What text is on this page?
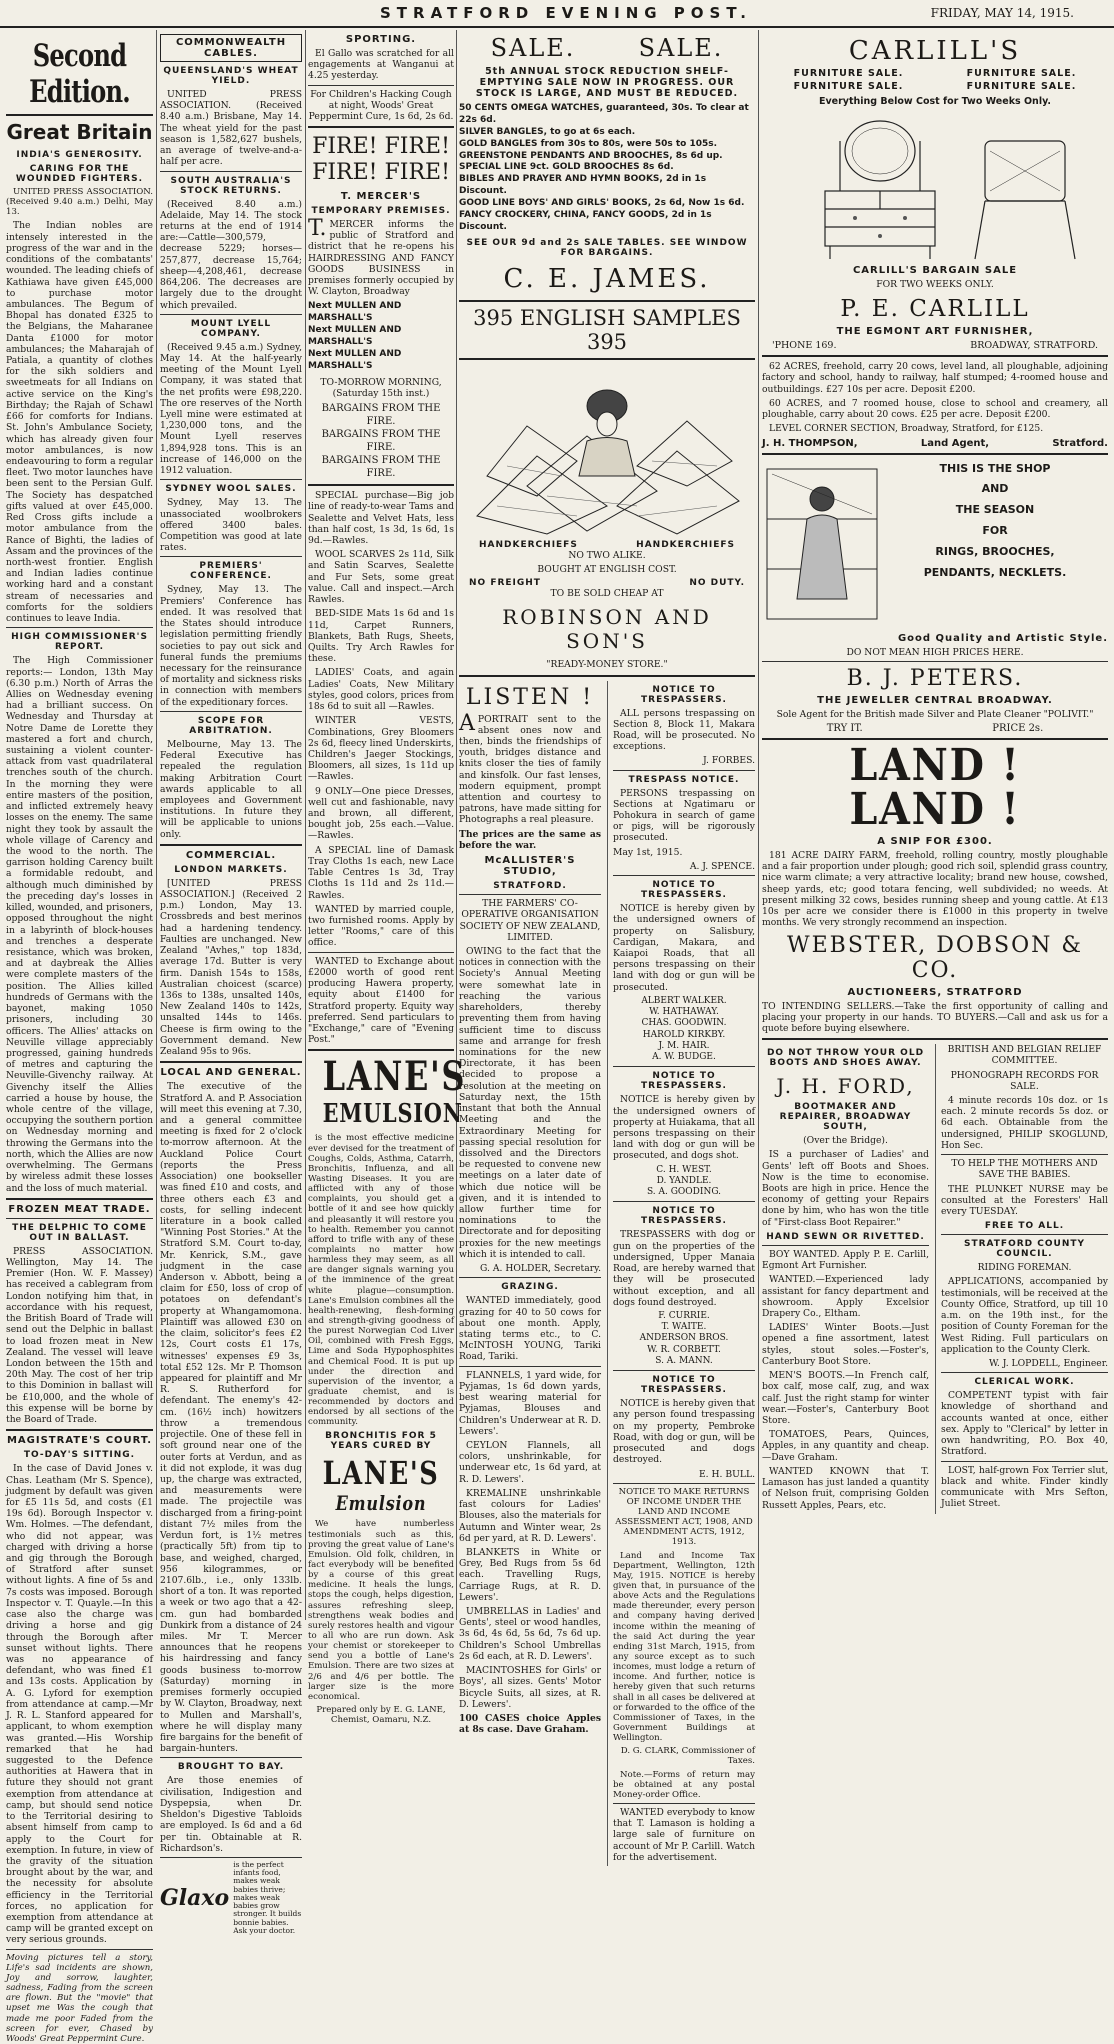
STRATFORD EVENING POST.	FRIDAY, MAY 14, 1915.
Second Edition.
Great Britain
INDIA'S GENEROSITY.
CARING FOR THE WOUNDED FIGHTERS.

UNITED PRESS ASSOCIATION. (Received 9.40 a.m.) Delhi, May 13.

The Indian nobles are intensely interested in the progress of the war and in the conditions of the combatants' wounded. The leading chiefs of Kathiawa have given £45,000 to purchase motor ambulances. The Begum of Bhopal has donated £325 to the Belgians, the Maharanee Danta £1000 for motor ambulances; the Maharajah of Patiala, a quantity of clothes for the sikh soldiers and sweetmeats for all Indians on active service on the King's Birthday; the Rajah of Schawl £66 for comforts for Indians. St. John's Ambulance Society, which has already given four motor ambulances, is now endeavouring to form a regular fleet. Two motor launches have been sent to the Persian Gulf. The Society has despatched gifts valued at over £45,000. Red Cross gifts include a motor ambulance from the Rance of Bighti, the ladies of Assam and the provinces of the north-west frontier. English and Indian ladies continue working hard and a constant stream of necessaries and comforts for the soldiers continues to leave India.

HIGH COMMISSIONER'S REPORT.

The High Commissioner reports:— London, 13th May (6.30 p.m.) North of Arras the Allies on Wednesday evening had a brilliant success. On Wednesday and Thursday at Notre Dame de Lorette they mastered a fort and church, sustaining a violent counter-attack from vast quadrilateral trenches south of the church. In the morning they were entire masters of the position, and inflicted extremely heavy losses on the enemy. The same night they took by assault the whole village of Carency and the wood to the north. The garrison holding Carency built a formidable redoubt, and although much diminished by the preceding day's losses in killed, wounded, and prisoners, opposed throughout the night in a labyrinth of block-houses and trenches a desperate resistance, which was broken, and at daybreak the Allies were complete masters of the position. The Allies killed hundreds of Germans with the bayonet, making 1050 prisoners, including 30 officers. The Allies' attacks on Neuville village appreciably progressed, gaining hundreds of metres and capturing the Neuville-Givenchy railway. At Givenchy itself the Allies carried a house by house, the whole centre of the village, occupying the southern portion on Wednesday morning and throwing the Germans into the north, which the Allies are now overwhelming. The Germans by wireless admit these losses and the loss of much material.

FROZEN MEAT TRADE.
THE DELPHIC TO COME OUT IN BALLAST.

PRESS ASSOCIATION. Wellington, May 14. The Premier (Hon. W. F. Massey) has received a cablegram from London notifying him that, in accordance with his request, the British Board of Trade will send out the Delphic in ballast to load frozen meat in New Zealand. The vessel will leave London between the 15th and 20th May. The cost of her trip to this Dominion in ballast will be £10,000, and the whole of this expense will be borne by the Board of Trade.

MAGISTRATE'S COURT.
TO-DAY'S SITTING.

In the case of David Jones v. Chas. Leatham (Mr S. Spence), judgment by default was given for £5 11s 5d, and costs (£1 19s 6d). Borough Inspector v. Wm. Holmes. —The defendant, who did not appear, was charged with driving a horse and gig through the Borough of Stratford after sunset without lights. A fine of 5s and 7s costs was imposed. Borough Inspector v. T. Quayle.—In this case also the charge was driving a horse and gig through the Borough after sunset without lights. There was no appearance of defendant, who was fined £1 and 13s costs. Application by A. G. Lyford for exemption from attendance at camp.—Mr J. R. L. Stanford appeared for applicant, to whom exemption was granted.—His Worship remarked that he had suggested to the Defence authorities at Hawera that in future they should not grant exemption from attendance at camp, but should send notice to the Territorial desiring to absent himself from camp to apply to the Court for exemption. In future, in view of the gravity of the situation brought about by the war, and the necessity for absolute efficiency in the Territorial forces, no application for exemption from attendance at camp will be granted except on very serious grounds.

Moving pictures tell a story, Life's sad incidents are shown, Joy and sorrow, laughter, sadness, Fading from the screen are flown. But the "movie" that upset me Was the cough that made me poor Faded from the screen for ever, Chased by Woods' Great Peppermint Cure.

COMMONWEALTH CABLES.
QUEENSLAND'S WHEAT YIELD.

UNITED PRESS ASSOCIATION. (Received 8.40 a.m.) Brisbane, May 14. The wheat yield for the past season is 1,582,627 bushels, an average of twelve-and-a-half per acre.

SOUTH AUSTRALIA'S STOCK RETURNS.

(Received 8.40 a.m.) Adelaide, May 14. The stock returns at the end of 1914 are:—Cattle—300,579, decrease 5229; horses—257,877, decrease 15,764; sheep—4,208,461, decrease 864,206. The decreases are largely due to the drought which prevailed.

MOUNT LYELL COMPANY.

(Received 9.45 a.m.) Sydney, May 14. At the half-yearly meeting of the Mount Lyell Company, it was stated that the net profits were £98,220. The ore reserves of the North Lyell mine were estimated at 1,230,000 tons, and the Mount Lyell reserves 1,894,928 tons. This is an increase of 146,000 on the 1912 valuation.

SYDNEY WOOL SALES.

Sydney, May 13. The unassociated woolbrokers offered 3400 bales. Competition was good at late rates.

PREMIERS' CONFERENCE.

Sydney, May 13. The Premiers' Conference has ended. It was resolved that the States should introduce legislation permitting friendly societies to pay out sick and funeral funds the premiums necessary for the reinsurance of mortality and sickness risks in connection with members of the expeditionary forces.

SCOPE FOR ARBITRATION.

Melbourne, May 13. The Federal Executive has repealed the regulation making Arbitration Court awards applicable to all employees and Government institutions. In future they will be applicable to unions only.

COMMERCIAL.
LONDON MARKETS.

[UNITED PRESS ASSOCIATION.] (Received 2 p.m.) London, May 13. Crossbreds and best merinos had a hardening tendency. Faulties are unchanged. New Zealand "Avhes," top 183d, average 17d. Butter is very firm. Danish 154s to 158s, Australian choicest (scarce) 136s to 138s, unsalted 140s, New Zealand 140s to 142s, unsalted 144s to 146s. Cheese is firm owing to the Government demand. New Zealand 95s to 96s.

LOCAL AND GENERAL.

The executive of the Stratford A. and P. Association will meet this evening at 7.30, and a general committee meeting is fixed for 2 o'clock to-morrow afternoon. At the Auckland Police Court (reports the Press Association) one bookseller was fined £10 and costs, and three others each £3 and costs, for selling indecent literature in a book called "Winning Post Stories." At the Stratford S.M. Court to-day, Mr. Kenrick, S.M., gave judgment in the case Anderson v. Abbott, being a claim for £50, loss of crop of potatoes on defendant's property at Whangamomona. Plaintiff was allowed £30 on the claim, solicitor's fees £2 12s, Court costs £1 17s, witnesses' expenses £9 3s, total £52 12s. Mr P. Thomson appeared for plaintiff and Mr R. S. Rutherford for defendant. The enemy's 42-cm. (16½ inch) howitzers throw a tremendous projectile. One of these fell in soft ground near one of the outer forts at Verdun, and as it did not explode, it was dug up, the charge was extracted, and measurements were made. The projectile was discharged from a firing-point distant 7½ miles from the Verdun fort, is 1½ metres (practically 5ft) from tip to base, and weighed, charged, 956 kilogrammes, or 2107.6lb., i.e., only 133lb. short of a ton. It was reported a week or two ago that a 42-cm. gun had bombarded Dunkirk from a distance of 24 miles. Mr T. Mercer announces that he reopens his hairdressing and fancy goods business to-morrow (Saturday) morning in premises formerly occupied by W. Clayton, Broadway, next to Mullen and Marshall's, where he will display many fire bargains for the benefit of bargain-hunters.

BROUGHT TO BAY.

Are those enemies of civilisation, Indigestion and Dyspepsia, when Dr. Sheldon's Digestive Tabloids are employed. Is 6d and a 6d per tin. Obtainable at R. Richardson's.

Glaxo
is the perfect infants food, makes weak babies thrive; makes weak babies grow stronger. It builds bonnie babies. Ask your doctor.
SPORTING.

El Gallo was scratched for all engagements at Wanganui at 4.25 yesterday.

For Children's Hacking Cough at night, Woods' Great Peppermint Cure, 1s 6d, 2s 6d.

FIRE! FIRE! FIRE! FIRE!
T. MERCER'S
TEMPORARY PREMISES.

T. MERCER informs the public of Stratford and district that he re-opens his HAIRDRESSING AND FANCY GOODS BUSINESS in premises formerly occupied by W. Clayton, Broadway

Next MULLEN AND MARSHALL'S
Next MULLEN AND MARSHALL'S
Next MULLEN AND MARSHALL'S

TO-MORROW MORNING, (Saturday 15th inst.)

BARGAINS FROM THE FIRE.
BARGAINS FROM THE FIRE.
BARGAINS FROM THE FIRE.

SPECIAL purchase—Big job line of ready-to-wear Tams and Sealette and Velvet Hats, less than half cost, 1s 3d, 1s 6d, 1s 9d.—Rawles.

WOOL SCARVES 2s 11d, Silk and Satin Scarves, Sealette and Fur Sets, some great value. Call and inspect.—Arch Rawles.

BED-SIDE Mats 1s 6d and 1s 11d, Carpet Runners, Blankets, Bath Rugs, Sheets, Quilts. Try Arch Rawles for these.

LADIES' Coats, and again Ladies' Coats, New Military styles, good colors, prices from 18s 6d to suit all —Rawles.

WINTER VESTS, Combinations, Grey Bloomers 2s 6d, fleecy lined Underskirts, Children's Jaeger Stockings, Bloomers, all sizes, 1s 11d up —Rawles.

9 ONLY—One piece Dresses, well cut and fashionable, navy and brown, all different, bought job, 25s each.—Value.—Rawles.

A SPECIAL line of Damask Tray Cloths 1s each, new Lace Table Centres 1s 3d, Tray Cloths 1s 11d and 2s 11d.—Rawles.

WANTED by married couple, two furnished rooms. Apply by letter "Rooms," care of this office.

WANTED to Exchange about £2000 worth of good rent producing Hawera property, equity about £1400 for Stratford property. Equity way preferred. Send particulars to "Exchange," care of "Evening Post."

LANE'S
EMULSION

is the most effective medicine ever devised for the treatment of Coughs, Colds, Asthma, Catarrh, Bronchitis, Influenza, and all Wasting Diseases. It you are afflicted with any of those complaints, you should get a bottle of it and see how quickly and pleasantly it will restore you to health. Remember you cannot afford to trifle with any of these complaints no matter how harmless they may seem, as all are danger signals warning you of the imminence of the great white plague—consumption. Lane's Emulsion combines all the health-renewing, flesh-forming and strength-giving goodness of the purest Norwegian Cod Liver Oil, combined with Fresh Eggs, Lime and Soda Hypophosphites and Chemical Food. It is put up under the direction and supervision of the inventor, a graduate chemist, and is recommended by doctors and endorsed by all sections of the community.

BRONCHITIS FOR 5 YEARS CURED BY
LANE'S
Emulsion

We have numberless testimonials such as this, proving the great value of Lane's Emulsion. Old folk, children, in fact everybody will be benefited by a course of this great medicine. It heals the lungs, stops the cough, helps digestion, assures refreshing sleep, strengthens weak bodies and surely restores health and vigour to all who are run down. Ask your chemist or storekeeper to send you a bottle of Lane's Emulsion. There are two sizes at 2/6 and 4/6 per bottle. The larger size is the more economical.

Prepared only by E. G. LANE, Chemist, Oamaru, N.Z.

SALE.	SALE.
5th ANNUAL STOCK REDUCTION SHELF-EMPTYING SALE NOW IN PROGRESS. OUR STOCK IS LARGE, AND MUST BE REDUCED.
50 CENTS OMEGA WATCHES, guaranteed, 30s. To clear at 22s 6d.
SILVER BANGLES, to go at 6s each.
GOLD BANGLES from 30s to 80s, were 50s to 105s.
GREENSTONE PENDANTS AND BROOCHES, 8s 6d up.
SPECIAL LINE 9ct. GOLD BROOCHES 8s 6d.
BIBLES AND PRAYER AND HYMN BOOKS, 2d in 1s Discount.
GOOD LINE BOYS' AND GIRLS' BOOKS, 2s 6d, Now 1s 6d.
FANCY CROCKERY, CHINA, FANCY GOODS, 2d in 1s Discount.
SEE OUR 9d and 2s SALE TABLES. SEE WINDOW FOR BARGAINS.
C. E. JAMES.
395 ENGLISH SAMPLES 395
HANDKERCHIEFS	HANDKERCHIEFS

NO TWO ALIKE.

BOUGHT AT ENGLISH COST.

NO FREIGHT	NO DUTY.

TO BE SOLD CHEAP AT

ROBINSON AND SON'S

"READY-MONEY STORE."

LISTEN !

APORTRAIT sent to the absent ones now and then, binds the friendships of youth, bridges distance and knits closer the ties of family and kinsfolk. Our fast lenses, modern equipment, prompt attention and courtesy to patrons, have made sitting for Photographs a real pleasure.

The prices are the same as before the war.

McALLISTER'S STUDIO,
STRATFORD.

THE FARMERS' CO-OPERATIVE ORGANISATION SOCIETY OF NEW ZEALAND, LIMITED.

OWING to the fact that the notices in connection with the Society's Annual Meeting were somewhat late in reaching the various shareholders, thereby preventing them from having sufficient time to discuss same and arrange for fresh nominations for the new Directorate, it has been decided to propose a resolution at the meeting on Saturday next, the 15th instant that both the Annual Meeting and the Extraordinary Meeting for passing special resolution for dissolved and the Directors be requested to convene new meetings on a later date of which due notice will be given, and it is intended to allow further time for nominations to the Directorate and for depositing proxies for the new meetings which it is intended to call.

G. A. HOLDER, Secretary.

GRAZING.

WANTED immediately, good grazing for 40 to 50 cows for about one month. Apply, stating terms etc., to C. McINTOSH YOUNG, Tariki Road, Tariki.

FLANNELS, 1 yard wide, for Pyjamas, 1s 6d down yards, best wearing material for Pyjamas, Blouses and Children's Underwear at R. D. Lewers'.

CEYLON Flannels, all colors, unshrinkable, for underwear etc, 1s 6d yard, at R. D. Lewers'.

KREMALINE unshrinkable fast colours for Ladies' Blouses, also the materials for Autumn and Winter wear, 2s 6d per yard, at R. D. Lewers'.

BLANKETS in White or Grey, Bed Rugs from 5s 6d each. Travelling Rugs, Carriage Rugs, at R. D. Lewers'.

UMBRELLAS in Ladies' and Gents', steel or wood handles, 3s 6d, 4s 6d, 5s 6d, 7s 6d up. Children's School Umbrellas 2s 6d each, at R. D. Lewers'.

MACINTOSHES for Girls' or Boys', all sizes. Gents' Motor Bicycle Suits, all sizes, at R. D. Lewers'.

100 CASES choice Apples at 8s case. Dave Graham.

NOTICE TO TRESPASSERS.

ALL persons trespassing on Section 8, Block 11, Makara Road, will be prosecuted. No exceptions.

J. FORBES.

TRESPASS NOTICE.

PERSONS trespassing on Sections at Ngatimaru or Pohokura in search of game or pigs, will be rigorously prosecuted.

May 1st, 1915.

A. J. SPENCE.

NOTICE TO TRESPASSERS.

NOTICE is hereby given by the undersigned owners of property on Salisbury, Cardigan, Makara, and Kaiapoi Roads, that all persons trespassing on their land with dog or gun will be prosecuted.

ALBERT WALKER.
W. HATHAWAY.
CHAS. GOODWIN.
HAROLD KIRKBY.
J. M. HAIR.
A. W. BUDGE.
NOTICE TO TRESPASSERS.

NOTICE is hereby given by the undersigned owners of property at Huiakama, that all persons trespassing on their land with dog or gun will be prosecuted, and dogs shot.

C. H. WEST.
D. YANDLE.
S. A. GOODING.
NOTICE TO TRESPASSERS.

TRESPASSERS with dog or gun on the properties of the undersigned, Upper Manaia Road, are hereby warned that they will be prosecuted without exception, and all dogs found destroyed.

F. CURRIE.
T. WAITE.
ANDERSON BROS.
W. R. CORBETT.
S. A. MANN.
NOTICE TO TRESPASSERS.

NOTICE is hereby given that any person found trespassing on my property, Pembroke Road, with dog or gun, will be prosecuted and dogs destroyed.

E. H. BULL.

NOTICE TO MAKE RETURNS OF INCOME UNDER THE LAND AND INCOME ASSESSMENT ACT, 1908, AND AMENDMENT ACTS, 1912, 1913.

Land and Income Tax Department, Wellington, 12th May, 1915. NOTICE is hereby given that, in pursuance of the above Acts and the Regulations made thereunder, every person and company having derived income within the meaning of the said Act during the year ending 31st March, 1915, from any source except as to such incomes, must lodge a return of income. And further, notice is hereby given that such returns shall in all cases be delivered at or forwarded to the office of the Commissioner of Taxes, in the Government Buildings at Wellington.

D. G. CLARK, Commissioner of Taxes.

Note.—Forms of return may be obtained at any postal Money-order Office.

WANTED everybody to know that T. Lamason is holding a large sale of furniture on account of Mr P. Carlill. Watch for the advertisement.

CARLILL'S
FURNITURE SALE.	FURNITURE SALE.
FURNITURE SALE.	FURNITURE SALE.
Everything Below Cost for Two Weeks Only.
CARLILL'S BARGAIN SALE

FOR TWO WEEKS ONLY.

P. E. CARLILL
THE EGMONT ART FURNISHER,
'PHONE 169.	BROADWAY, STRATFORD.

62 ACRES, freehold, carry 20 cows, level land, all ploughable, adjoining factory and school, handy to railway, half stumped; 4-roomed house and outbuildings. £27 10s per acre. Deposit £200.

60 ACRES, and 7 roomed house, close to school and creamery, all ploughable, carry about 20 cows. £25 per acre. Deposit £200.

LEVEL CORNER SECTION, Broadway, Stratford, for £125.

J. H. THOMPSON,	Land Agent,	Stratford.
THIS IS THE SHOP
AND
THE SEASON
FOR
RINGS, BROOCHES,
PENDANTS, NECKLETS.
Good Quality and Artistic Style.

DO NOT MEAN HIGH PRICES HERE.

B. J. PETERS.
THE JEWELLER CENTRAL BROADWAY.

Sole Agent for the British made Silver and Plate Cleaner "POLIVIT."

TRY IT.	PRICE 2s.
LAND ! LAND !
A SNIP FOR £300.

181 ACRE DAIRY FARM, freehold, rolling country, mostly ploughable and a fair proportion under plough; good rich soil, splendid grass country, nice warm climate; a very attractive locality; brand new house, cowshed, sheep yards, etc; good totara fencing, well subdivided; no weeds. At present milking 32 cows, besides running sheep and young cattle. At £13 10s per acre we consider there is £1000 in this property in twelve months. We very strongly recommend an inspection.

WEBSTER, DOBSON & CO.
AUCTIONEERS, STRATFORD

TO INTENDING SELLERS.—Take the first opportunity of calling and placing your property in our hands. TO BUYERS.—Call and ask us for a quote before buying elsewhere.

DO NOT THROW YOUR OLD BOOTS AND SHOES AWAY.
J. H. FORD,
BOOTMAKER AND REPAIRER, BROADWAY SOUTH,

(Over the Bridge).

IS a purchaser of Ladies' and Gents' left off Boots and Shoes. Now is the time to economise. Boots are high in price. Hence the economy of getting your Repairs done by him, who has won the title of "First-class Boot Repairer."

HAND SEWN OR RIVETTED.

BOY WANTED. Apply P. E. Carlill, Egmont Art Furnisher.

WANTED.—Experienced lady assistant for fancy department and showroom. Apply Excelsior Drapery Co., Eltham.

LADIES' Winter Boots.—Just opened a fine assortment, latest styles, stout soles.—Foster's, Canterbury Boot Store.

MEN'S BOOTS.—In French calf, box calf, mose calf, zug, and wax calf. Just the right stamp for winter wear.—Foster's, Canterbury Boot Store.

TOMATOES, Pears, Quinces, Apples, in any quantity and cheap. —Dave Graham.

WANTED KNOWN that T. Lamason has just landed a quantity of Nelson fruit, comprising Golden Russett Apples, Pears, etc.

BRITISH AND BELGIAN RELIEF COMMITTEE.

PHONOGRAPH RECORDS FOR SALE.

4 minute records 10s doz. or 1s each. 2 minute records 5s doz. or 6d each. Obtainable from the undersigned, PHILIP SKOGLUND, Hon Sec.

TO HELP THE MOTHERS AND SAVE THE BABIES.

THE PLUNKET NURSE may be consulted at the Foresters' Hall every TUESDAY.

FREE TO ALL.
STRATFORD COUNTY COUNCIL.

RIDING FOREMAN.

APPLICATIONS, accompanied by testimonials, will be received at the County Office, Stratford, up till 10 a.m. on the 19th inst., for the position of County Foreman for the West Riding. Full particulars on application to the County Clerk.

W. J. LOPDELL, Engineer.

CLERICAL WORK.

COMPETENT typist with fair knowledge of shorthand and accounts wanted at once, either sex. Apply to "Clerical" by letter in own handwriting, P.O. Box 40, Stratford.

LOST, half-grown Fox Terrier slut, black and white. Finder kindly communicate with Mrs Sefton, Juliet Street.
